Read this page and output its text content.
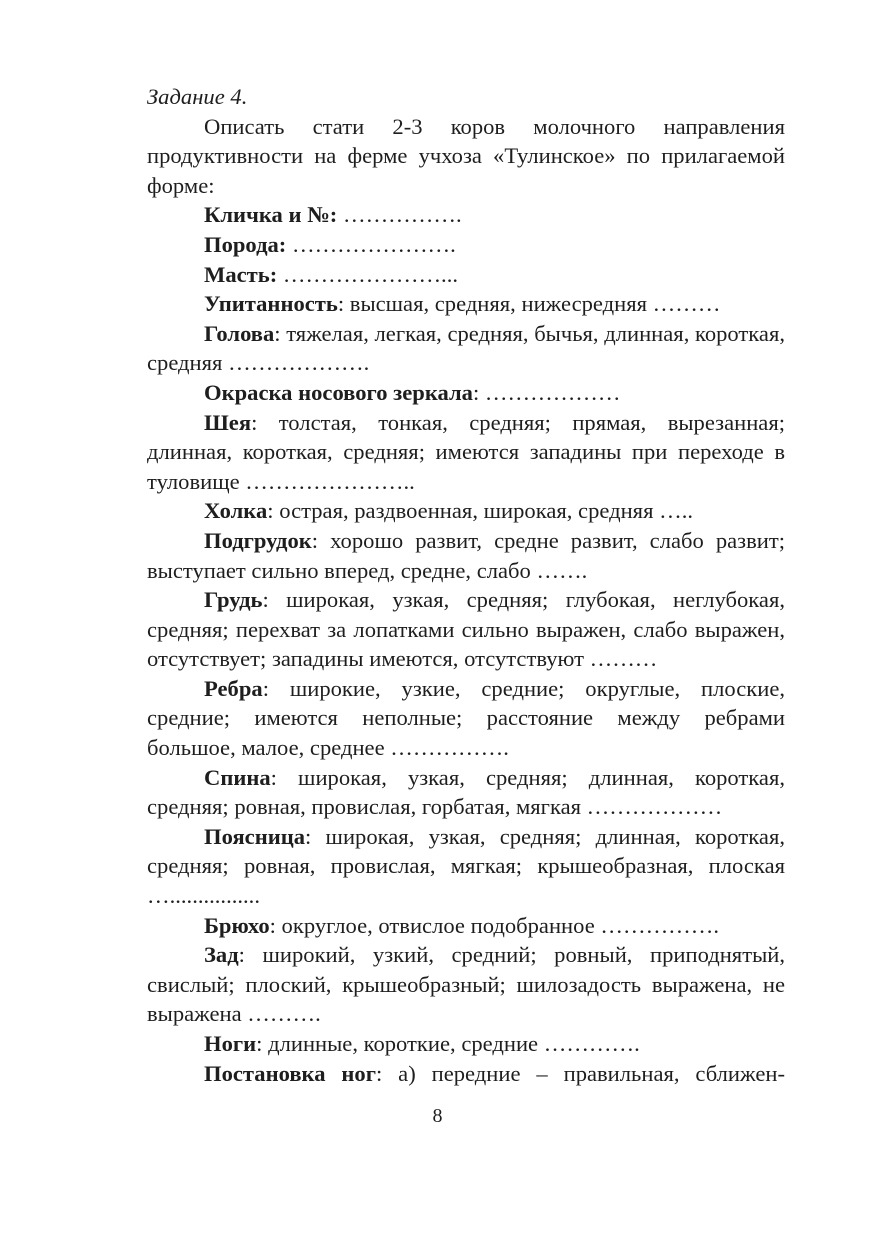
Задание 4.

Описать стати 2-3 коров молочного направления продуктивности на ферме учхоза «Тулинское» по прилагаемой форме:

Кличка и №: …………….

Порода: ………………….

Масть: …………………...

Упитанность: высшая, средняя, нижесредняя ………

Голова: тяжелая, легкая, средняя, бычья, длинная, короткая, средняя ……………….

Окраска носового зеркала: ………………

Шея: толстая, тонкая, средняя; прямая, вырезанная; длинная, короткая, средняя; имеются западины при переходе в туловище …………………..

Холка: острая, раздвоенная, широкая, средняя …..

Подгрудок: хорошо развит, средне развит, слабо развит; выступает сильно вперед, средне, слабо …….

Грудь: широкая, узкая, средняя; глубокая, неглубокая, средняя; перехват за лопатками сильно выражен, слабо выражен, отсутствует; западины имеются, отсутствуют ………

Ребра: широкие, узкие, средние; округлые, плоские, средние; имеются неполные; расстояние между ребрами большое, малое, среднее …………….

Спина: широкая, узкая, средняя; длинная, короткая, средняя; ровная, провислая, горбатая, мягкая ………………

Поясница: широкая, узкая, средняя; длинная, короткая, средняя; ровная, провислая, мягкая; крышеобразная, плоская …................

Брюхо: округлое, отвислое подобранное …………….

Зад: широкий, узкий, средний; ровный, приподнятый, свислый; плоский, крышеобразный; шилозадость выражена, не выражена ……….

Ноги: длинные, короткие, средние ………….

Постановка ног: а) передние – правильная, сближен-

8
